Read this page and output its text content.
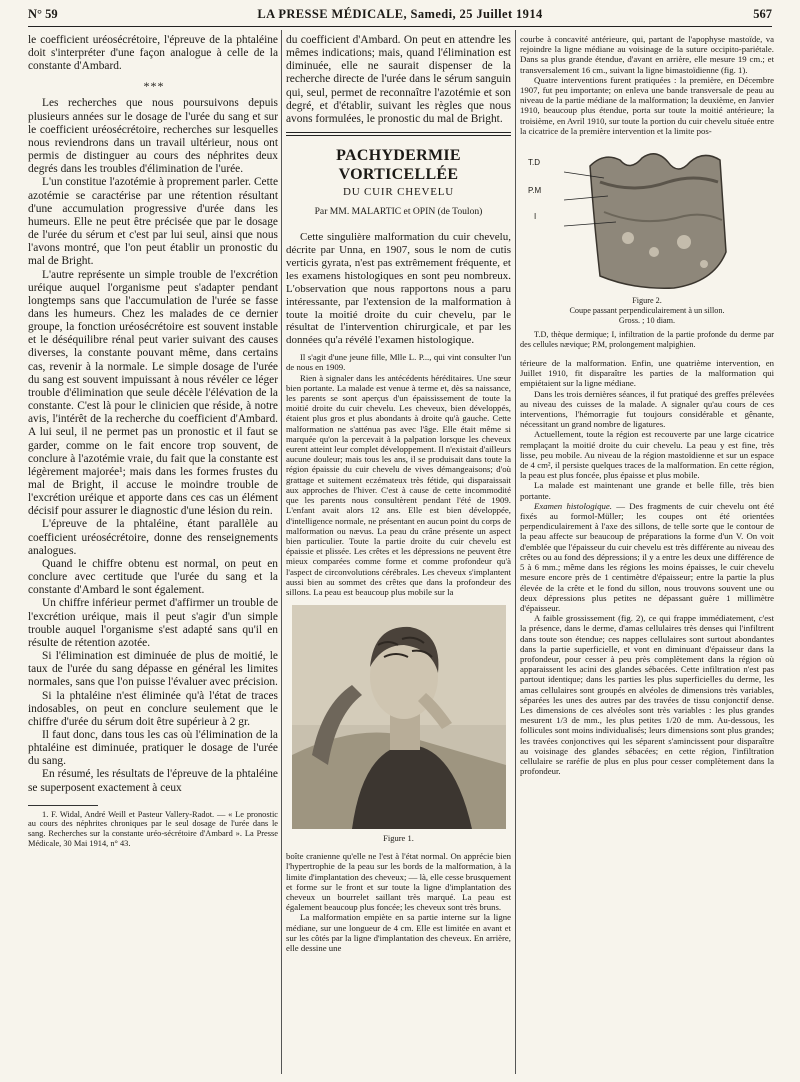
N° 59	LA PRESSE MÉDICALE, Samedi, 25 Juillet 1914	567

le coefficient uréosécrétoire, l'épreuve de la phtaléine doit s'interpréter d'une façon analogue à celle de la constante d'Ambard.

* * *

Les recherches que nous poursuivons depuis plusieurs années sur le dosage de l'urée du sang et sur le coefficient uréosécrétoire, recherches sur lesquelles nous reviendrons dans un travail ultérieur, nous ont permis de distinguer au cours des néphrites deux degrés dans les troubles d'élimination de l'urée.

L'un constitue l'azotémie à proprement parler. Cette azotémie se caractérise par une rétention résultant d'une accumulation progressive d'urée dans les humeurs. Elle ne peut être précisée que par le dosage de l'urée du sérum et c'est par lui seul, ainsi que nous l'avons montré, que l'on peut établir un pronostic du mal de Bright.

L'autre représente un simple trouble de l'excrétion uréique auquel l'organisme peut s'adapter pendant longtemps sans que l'accumulation de l'urée se fasse dans les humeurs. Chez les malades de ce dernier groupe, la fonction uréosécrétoire est souvent instable et le déséquilibre rénal peut varier suivant des causes diverses, la constante pouvant même, dans certains cas, revenir à la normale. Le simple dosage de l'urée du sang est souvent impuissant à nous révéler ce léger trouble d'élimination que seule décèle l'élévation de la constante. C'est là pour le clinicien que réside, à notre avis, l'intérêt de la recherche du coefficient d'Ambard. A lui seul, il ne permet pas un pronostic et il faut se garder, comme on le fait encore trop souvent, de conclure à l'azotémie vraie, du fait que la constante est légèrement majorée¹; mais dans les formes frustes du mal de Bright, il accuse le moindre trouble de l'excrétion uréique et apporte dans ces cas un élément décisif pour assurer le diagnostic d'une lésion du rein.

L'épreuve de la phtaléine, étant parallèle au coefficient uréosécrétoire, donne des renseignements analogues.

Quand le chiffre obtenu est normal, on peut en conclure avec certitude que l'urée du sang et la constante d'Ambard le sont également.

Un chiffre inférieur permet d'affirmer un trouble de l'excrétion uréique, mais il peut s'agir d'un simple trouble auquel l'organisme s'est adapté sans qu'il en résulte de rétention azotée.

Si l'élimination est diminuée de plus de moitié, le taux de l'urée du sang dépasse en général les limites normales, sans que l'on puisse l'évaluer avec précision.

Si la phtaléine n'est éliminée qu'à l'état de traces indosables, on peut en conclure seulement que le chiffre d'urée du sérum doit être supérieur à 2 gr.

Il faut donc, dans tous les cas où l'élimination de la phtaléine est diminuée, pratiquer le dosage de l'urée du sang.

En résumé, les résultats de l'épreuve de la phtaléine se superposent exactement à ceux

1. F. Widal, André Weill et Pasteur Vallery-Radot. — « Le pronostic au cours des néphrites chroniques par le seul dosage de l'urée dans le sang. Recherches sur la constante uréo-sécrétoire d'Ambard ». La Presse Médicale, 30 Mai 1914, n° 43.

du coefficient d'Ambard. On peut en attendre les mêmes indications; mais, quand l'élimination est diminuée, elle ne saurait dispenser de la recherche directe de l'urée dans le sérum sanguin qui, seul, permet de reconnaître l'azotémie et son degré, et d'établir, suivant les règles que nous avons formulées, le pronostic du mal de Bright.

PACHYDERMIE VORTICELLÉE
DU CUIR CHEVELU
Par MM. MALARTIC et OPIN (de Toulon)

Cette singulière malformation du cuir chevelu, décrite par Unna, en 1907, sous le nom de cutis verticis gyrata, n'est pas extrêmement fréquente, et les examens histologiques en sont peu nombreux. L'observation que nous rapportons nous a paru intéressante, par l'extension de la malformation à toute la moitié droite du cuir chevelu, par le résultat de l'intervention chirurgicale, et par les données qu'a révélé l'examen histologique.

Il s'agit d'une jeune fille, Mlle L. P..., qui vint consulter l'un de nous en 1909.

Rien à signaler dans les antécédents héréditaires. Une sœur bien portante. La malade est venue à terme et, dès sa naissance, les parents se sont aperçus d'un épaississement de toute la moitié droite du cuir chevelu. Les cheveux, bien développés, étaient plus gros et plus abondants à droite qu'à gauche. Cette malformation ne s'atténua pas avec l'âge. Elle était même si marquée qu'on la percevait à la palpation lorsque les cheveux eurent atteint leur complet développement. Il n'existait d'ailleurs aucune douleur; mais tous les ans, il se produisait dans toute la région épaissie du cuir chevelu de vives démangeaisons; d'où grattage et suitement eczémateux très fétide, qui disparaissait aux approches de l'hiver. C'est à cause de cette incommodité que les parents nous consultèrent pendant l'été de 1909. L'enfant avait alors 12 ans. Elle est bien développée, d'intelligence normale, ne présentant en aucun point du corps de malformation ou nævus. La peau du crâne présente un aspect bien particulier. Toute la partie droite du cuir chevelu est épaissie et plissée. Les crêtes et les dépressions ne peuvent être mieux comparées comme forme et comme profondeur qu'à l'aspect de circonvolutions cérébrales. Les cheveux s'implantent aussi bien au sommet des crêtes que dans la profondeur des sillons. La peau est beaucoup plus mobile sur la

Figure 1.

boîte cranienne qu'elle ne l'est à l'état normal. On apprécie bien l'hypertrophie de la peau sur les bords de la malformation, à la limite d'implantation des cheveux; — là, elle cesse brusquement et forme sur le front et sur toute la ligne d'implantation des cheveux un bourrelet saillant très marqué. La peau est également beaucoup plus foncée; les cheveux sont très bruns.

La malformation empiète en sa partie interne sur la ligne médiane, sur une longueur de 4 cm. Elle est limitée en avant et sur les côtés par la ligne d'implantation des cheveux. En arrière, elle dessine une

courbe à concavité antérieure, qui, partant de l'apophyse mastoïde, va rejoindre la ligne médiane au voisinage de la suture occipito-pariétale. Dans sa plus grande étendue, d'avant en arrière, elle mesure 19 cm.; et transversalement 16 cm., suivant la ligne bimastoïdienne (fig. 1).

Quatre interventions furent pratiquées : la première, en Décembre 1907, fut peu importante; on enleva une bande transversale de peau au niveau de la partie médiane de la malformation; la deuxième, en Janvier 1910, beaucoup plus étendue, porta sur toute la moitié antérieure; la troisième, en Avril 1910, sur toute la portion du cuir chevelu située entre la cicatrice de la première intervention et la limite pos-

T.D
P.M
I
Figure 2.
Coupe passant perpendiculairement à un sillon.
Gross. ; 10 diam.

T.D, thèque dermique; I, infiltration de la partie profonde du derme par des cellules nævique; P.M, prolongement malpighien.

térieure de la malformation. Enfin, une quatrième intervention, en Juillet 1910, fit disparaître les parties de la malformation qui empiétaient sur la ligne médiane.

Dans les trois dernières séances, il fut pratiqué des greffes prélevées au niveau des cuisses de la malade. A signaler qu'au cours de ces interventions, l'hémorragie fut toujours considérable et gênante, nécessitant un grand nombre de ligatures.

Actuellement, toute la région est recouverte par une large cicatrice remplaçant la moitié droite du cuir chevelu. La peau y est fine, très lisse, peu mobile. Au niveau de la région mastoïdienne et sur un espace de 4 cm², il persiste quelques traces de la malformation. En cette région, la peau est plus foncée, plus épaisse et plus mobile.

La malade est maintenant une grande et belle fille, très bien portante.

Examen histologique. — Des fragments de cuir chevelu ont été fixés au formol-Müller; les coupes ont été orientées perpendiculairement à l'axe des sillons, de telle sorte que le contour de la peau affecte sur beaucoup de préparations la forme d'un V. On voit d'emblée que l'épaisseur du cuir chevelu est très différente au niveau des crêtes ou au fond des dépressions; il y a entre les deux une différence de 5 à 6 mm.; même dans les régions les moins épaisses, le cuir chevelu mesure encore près de 1 centimètre d'épaisseur; entre la partie la plus élevée de la crête et le fond du sillon, nous trouvons souvent une ou deux dépressions plus petites ne dépassant guère 1 millimètre d'épaisseur.

A faible grossissement (fig. 2), ce qui frappe immédiatement, c'est la présence, dans le derme, d'amas cellulaires très denses qui l'infiltrent dans toute son étendue; ces nappes cellulaires sont surtout abondantes dans la partie superficielle, et vont en diminuant d'épaisseur dans la profondeur, pour cesser à peu près complètement dans la région où apparaissent les acini des glandes sébacées. Cette infiltration n'est pas partout identique; dans les parties les plus superficielles du derme, les amas cellulaires sont groupés en alvéoles de dimensions très variables, séparées les unes des autres par des travées de tissu conjonctif dense. Les dimensions de ces alvéoles sont très variables : les plus grandes mesurent 1/3 de mm., les plus petites 1/20 de mm. Au-dessous, les follicules sont moins individualisés; leurs dimensions sont plus grandes; les travées conjonctives qui les séparent s'amincissent pour disparaître au voisinage des glandes sébacées; en cette région, l'infiltration cellulaire se raréfie de plus en plus pour cesser complètement dans la profondeur.
